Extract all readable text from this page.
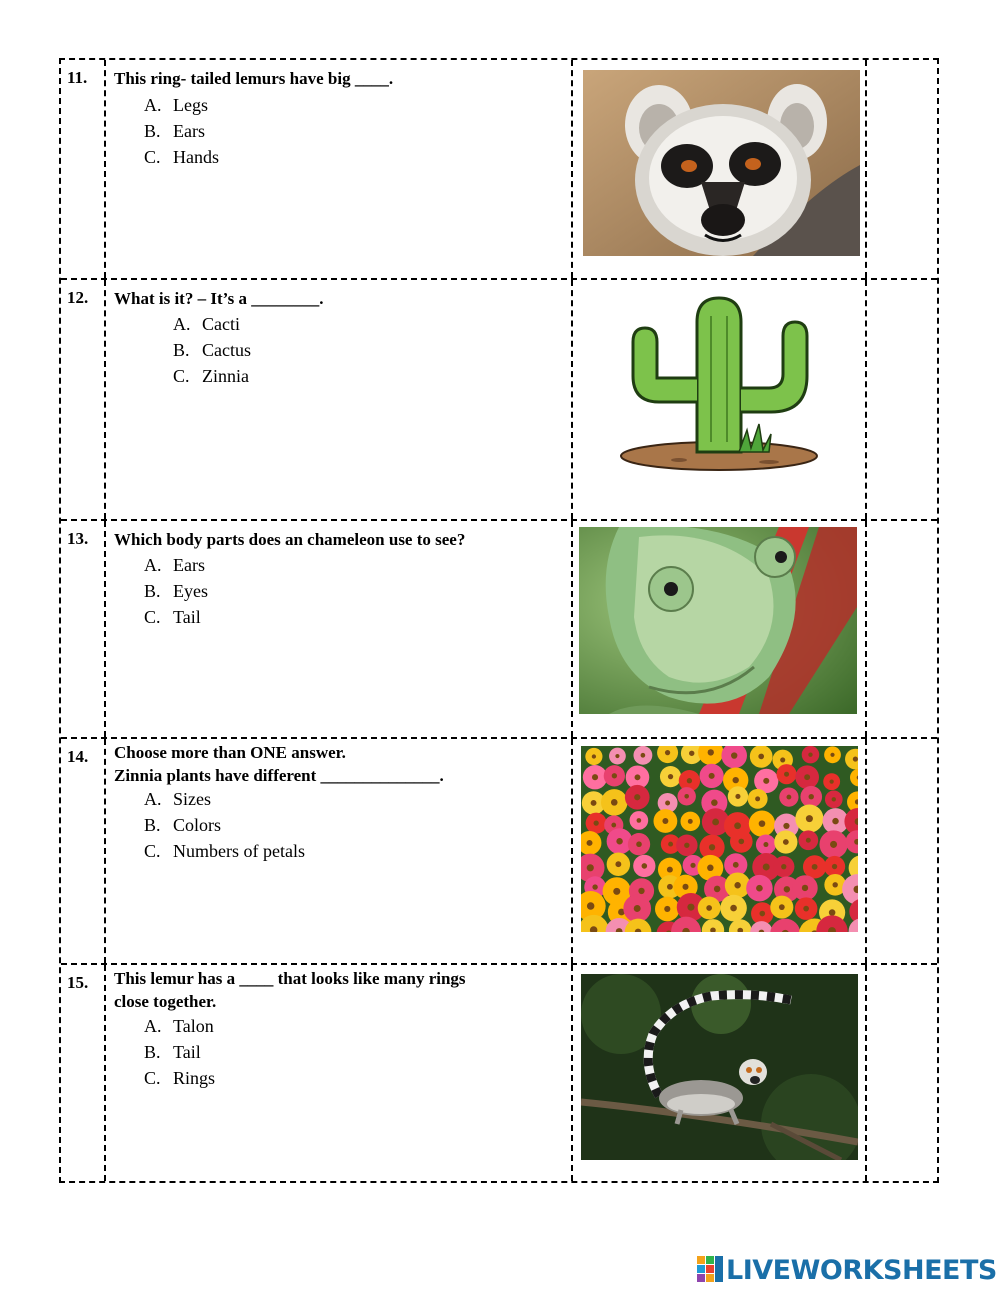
11. This ring- tailed lemurs have big ____.
A. Legs
B. Ears
C. Hands
12. What is it? – It’s a ________.
A. Cacti
B. Cactus
C. Zinnia
13. Which body parts does an chameleon use to see?
A. Ears
B. Eyes
C. Tail
14. Choose more than ONE answer.
Zinnia plants have different ______________.
A. Sizes
B. Colors
C. Numbers of petals
15. This lemur has a ____ that looks like many rings
close together.
A. Talon
B. Tail
C. Rings
LIVEWORKSHEETS
